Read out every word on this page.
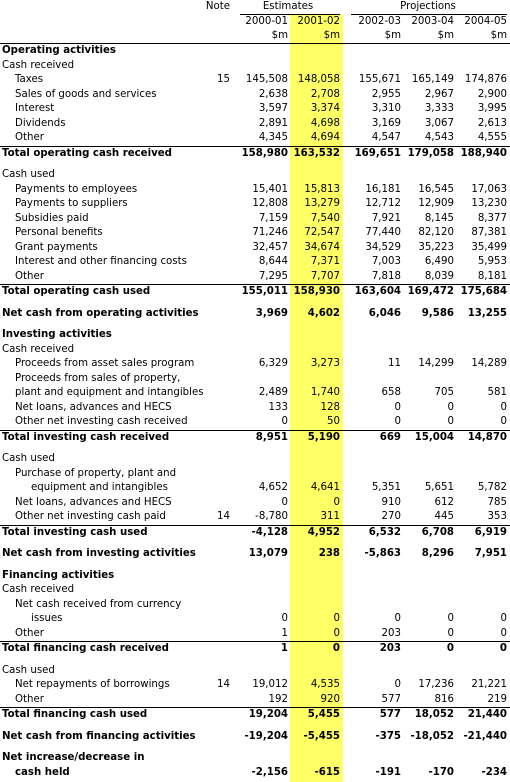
Note	Estimates	Projections
2000-01 2001-02	2002-03	2003-04	2004-05
$m	$m	$m	$m	$m
Operating activities
Cash received
Taxes	15	145,508 148,058	155,671	165,149	174,876
Sales of goods and services	2,638	2,708	2,955	2,967	2,900
Interest	3,597	3,374	3,310	3,333	3,995
Dividends	2,891	4,698	3,169	3,067	2,613
Other	4,345	4,694	4,547	4,543	4,555
Total operating cash received	158,980 163,532	169,651 179,058 188,940
Cash used
Payments to employees	15,401	15,813	16,181	16,545	17,063
Payments to suppliers	12,808	13,279	12,712	12,909	13,230
Subsidies paid	7,159	7,540	7,921	8,145	8,377
Personal benefits	71,246	72,547	77,440	82,120	87,381
Grant payments	32,457	34,674	34,529	35,223	35,499
Interest and other financing costs	8,644	7,371	7,003	6,490	5,953
Other	7,295	7,707	7,818	8,039	8,181
Total operating cash used	155,011 158,930	163,604 169,472 175,684
Net cash from operating activities	3,969	4,602	6,046	9,586	13,255
Investing activities
Cash received
Proceeds from asset sales program	6,329	3,273	11	14,299	14,289
Proceeds from sales of property,
plant and equipment and intangibles	2,489	1,740	658	705	581
Net loans, advances and HECS	133	128	0	0	0
Other net investing cash received	0	50	0	0	0
Total investing cash received	8,951	5,190	669	15,004	14,870
Cash used
Purchase of property, plant and
equipment and intangibles	4,652	4,641	5,351	5,651	5,782
Net loans, advances and HECS	0	0	910	612	785
Other net investing cash paid	14	-8,780	311	270	445	353
Total investing cash used	-4,128	4,952	6,532	6,708	6,919
Net cash from investing activities	13,079	238	-5,863	8,296	7,951
Financing activities
Cash received
Net cash received from currency
issues	0	0	0	0	0
Other	1	0	203	0	0
Total financing cash received	1	0	203	0	0
Cash used
Net repayments of borrowings	14	19,012	4,535	0	17,236	21,221
Other	192	920	577	816	219
Total financing cash used	19,204	5,455	577	18,052	21,440
Net cash from financing activities	-19,204	-5,455	-375 -18,052 -21,440
Net increase/decrease in
cash held	-2,156	-615	-191	-170	-234
